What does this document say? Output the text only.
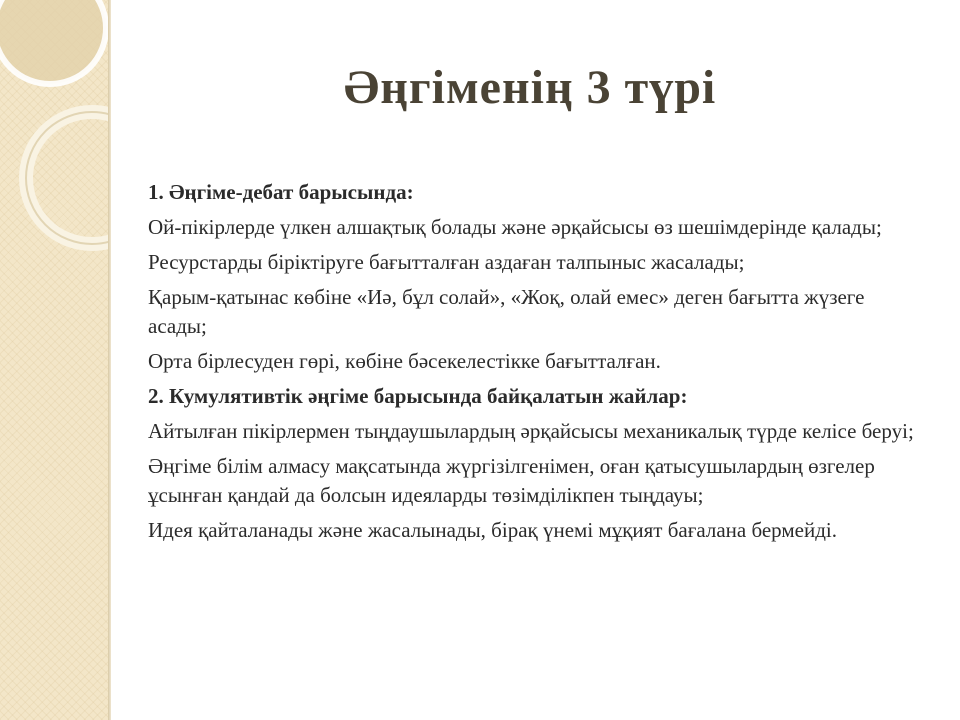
Әңгіменің 3 түрі

1. Әңгіме-дебат барысында:

Ой-пікірлерде үлкен алшақтық болады және әрқайсысы өз шешімдерінде қалады;

Ресурстарды біріктіруге бағытталған аздаған талпыныс жасалады;

Қарым-қатынас көбіне «Иә, бұл солай», «Жоқ, олай емес» деген бағытта жүзеге асады;

Орта бірлесуден гөрі, көбіне бәсекелестікке бағытталған.

2. Кумулятивтік әңгіме барысында байқалатын жайлар:

Айтылған пікірлермен тыңдаушылардың әрқайсысы механикалық түрде келісе беруі;

Әңгіме білім алмасу мақсатында жүргізілгенімен, оған қатысушылардың өзгелер ұсынған қандай да болсын идеяларды төзімділікпен тыңдауы;

Идея қайталанады және жасалынады, бірақ үнемі мұқият бағалана бермейді.
